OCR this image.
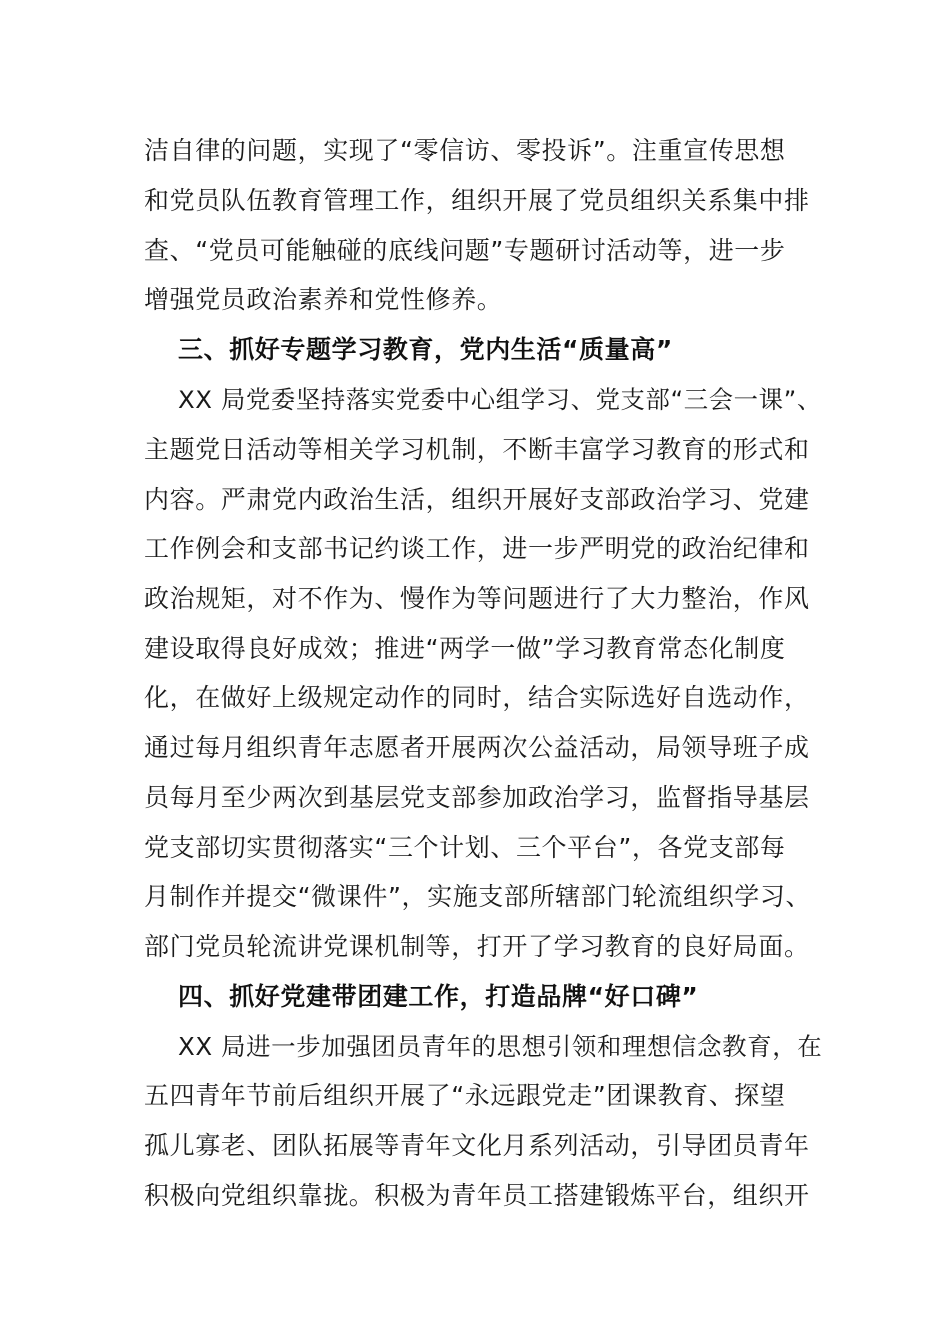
洁自律的问题，实现了“零信访、零投诉”。注重宣传思想
和党员队伍教育管理工作，组织开展了党员组织关系集中排
查、“党员可能触碰的底线问题”专题研讨活动等，进一步
增强党员政治素养和党性修养。
三、抓好专题学习教育，党内生活“质量高”
XX 局党委坚持落实党委中心组学习、党支部“三会一课”、
主题党日活动等相关学习机制，不断丰富学习教育的形式和
内容。严肃党内政治生活，组织开展好支部政治学习、党建
工作例会和支部书记约谈工作，进一步严明党的政治纪律和
政治规矩，对不作为、慢作为等问题进行了大力整治，作风
建设取得良好成效；推进“两学一做”学习教育常态化制度
化，在做好上级规定动作的同时，结合实际选好自选动作，
通过每月组织青年志愿者开展两次公益活动，局领导班子成
员每月至少两次到基层党支部参加政治学习，监督指导基层
党支部切实贯彻落实“三个计划、三个平台”，各党支部每
月制作并提交“微课件”，实施支部所辖部门轮流组织学习、
部门党员轮流讲党课机制等，打开了学习教育的良好局面。
四、抓好党建带团建工作，打造品牌“好口碑”
XX 局进一步加强团员青年的思想引领和理想信念教育，在
五四青年节前后组织开展了“永远跟党走”团课教育、探望
孤儿寡老、团队拓展等青年文化月系列活动，引导团员青年
积极向党组织靠拢。积极为青年员工搭建锻炼平台，组织开
